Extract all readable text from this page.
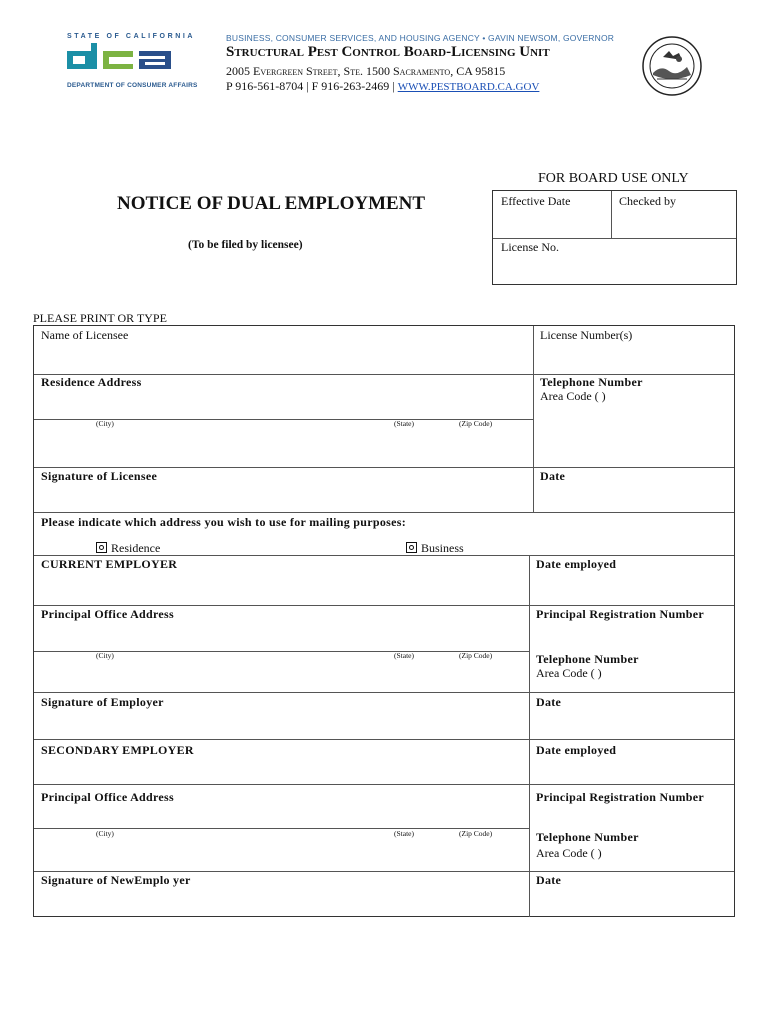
STATE OF CALIFORNIA
DEPARTMENT OF CONSUMER AFFAIRS
BUSINESS, CONSUMER SERVICES, AND HOUSING AGENCY • GAVIN NEWSOM, GOVERNOR
Structural Pest Control Board-Licensing Unit
2005 Evergreen Street, Ste. 1500 Sacramento, CA 95815
P 916-561-8704 | F 916-263-2469 | WWW.PESTBOARD.CA.GOV
NOTICE OF DUAL EMPLOYMENT
(To be filed by licensee)
FOR BOARD USE ONLY
Effective Date	Checked by
License No.
PLEASE PRINT OR TYPE
Name of Licensee	License Number(s)
Residence Address	Telephone Number
Area Code ( )
(City)	(State)	(Zip Code)
Signature of Licensee	Date
Please indicate which address you wish to use for mailing purposes:
Residence	Business
CURRENT EMPLOYER	Date employed
Principal Office Address	Principal Registration Number
(City)	(State)	(Zip Code)	Telephone Number
Area Code ( )
Signature of Employer	Date
SECONDARY EMPLOYER	Date employed
Principal Office Address	Principal Registration Number
(City)	(State)	(Zip Code)	Telephone Number
Area Code ( )
Signature of NewEmplo yer	Date
